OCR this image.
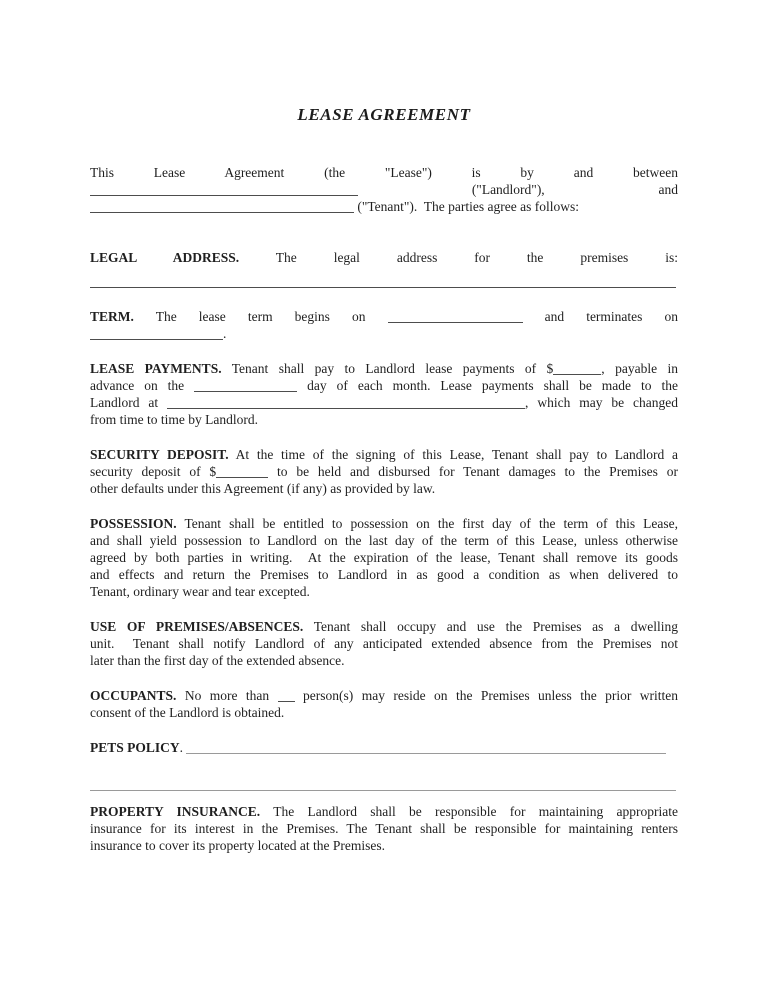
LEASE AGREEMENT
This Lease Agreement (the "Lease") is by and between
("Landlord"),	and
("Tenant").  The parties agree as follows:
LEGAL ADDRESS.	The legal address for the premises is:
TERM. The lease term begins on	and terminates on
.
LEASE PAYMENTS. Tenant shall pay to Landlord lease payments of $	, payable in
advance on the	day of each month. Lease payments shall be made to the
Landlord at	, which may be changed
from time to time by Landlord.
SECURITY DEPOSIT. At the time of the signing of this Lease, Tenant shall pay to Landlord a
security deposit of $	to be held and disbursed for Tenant damages to the Premises or
other defaults under this Agreement (if any) as provided by law.
POSSESSION. Tenant shall be entitled to possession on the first day of the term of this Lease,
and shall yield possession to Landlord on the last day of the term of this Lease, unless otherwise
agreed by both parties in writing.  At the expiration of the lease, Tenant shall remove its goods
and effects and return the Premises to Landlord in as good a condition as when delivered to
Tenant, ordinary wear and tear excepted.
USE OF PREMISES/ABSENCES. Tenant shall occupy and use the Premises as a dwelling
unit.  Tenant shall notify Landlord of any anticipated extended absence from the Premises not
later than the first day of the extended absence.
OCCUPANTS. No more than	person(s) may reside on the Premises unless the prior written
consent of the Landlord is obtained.
PETS POLICY.
PROPERTY INSURANCE. The Landlord shall be responsible for maintaining appropriate
insurance for its interest in the Premises. The Tenant shall be responsible for maintaining renters
insurance to cover its property located at the Premises.
